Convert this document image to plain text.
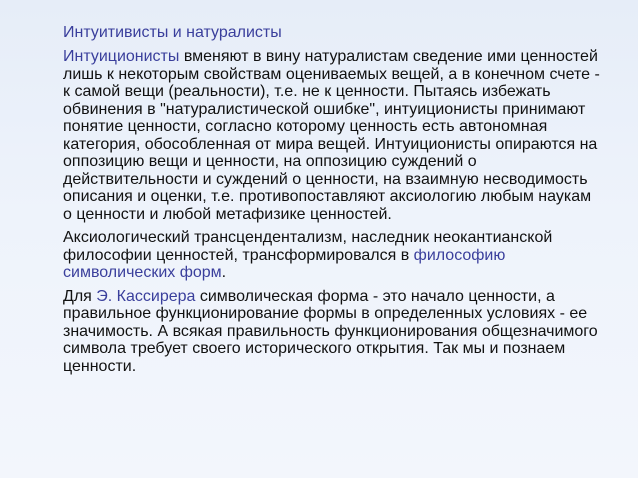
Интуитивисты и натуралисты
Интуиционисты вменяют в вину натуралистам сведение ими ценностей лишь к некоторым свойствам оцениваемых вещей, а в конечном счете - к самой вещи (реальности), т.е. не к ценности. Пытаясь избежать обвинения в "натуралистической ошибке", интуиционисты принимают понятие ценности, согласно которому ценность есть автономная категория, обособленная от мира вещей. Интуиционисты опираются на оппозицию вещи и ценности, на оппозицию суждений о действительности и суждений о ценности, на взаимную несводимость описания и оценки, т.е. противопоставляют аксиологию любым наукам о ценности и любой метафизике ценностей.
Аксиологический трансцендентализм, наследник неокантианской философии ценностей, трансформировался в философию символических форм.
Для Э. Кассирера символическая форма - это начало ценности, а правильное функционирование формы в определенных условиях - ее значимость. А всякая правильность функционирования общезначимого символа требует своего исторического открытия. Так мы и познаем ценности.
